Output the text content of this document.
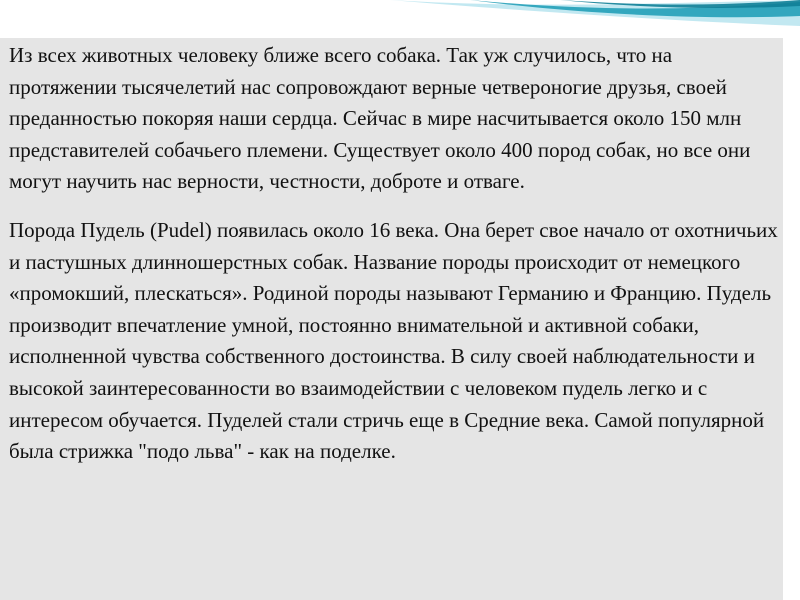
Из всех животных человеку ближе всего собака. Так уж случилось, что на протяжении тысячелетий нас сопровождают верные четвероногие друзья, своей преданностью покоряя наши сердца. Сейчас в мире насчитывается около 150 млн представителей собачьего племени. Существует около 400 пород собак, но все они могут научить нас верности, честности, доброте и отваге.

Порода Пудель (Pudel) появилась около 16 века. Она берет свое начало от охотничьих и пастушных длинношерстных собак. Название породы происходит от немецкого «промокший, плескаться». Родиной породы называют Германию и Францию. Пудель производит впечатление умной, постоянно внимательной и активной собаки, исполненной чувства собственного достоинства. В силу своей наблюдательности и высокой заинтересованности во взаимодействии с человеком пудель легко и с интересом обучается. Пуделей стали стричь еще в Средние века. Самой популярной была стрижка "подо льва" - как на поделке.
